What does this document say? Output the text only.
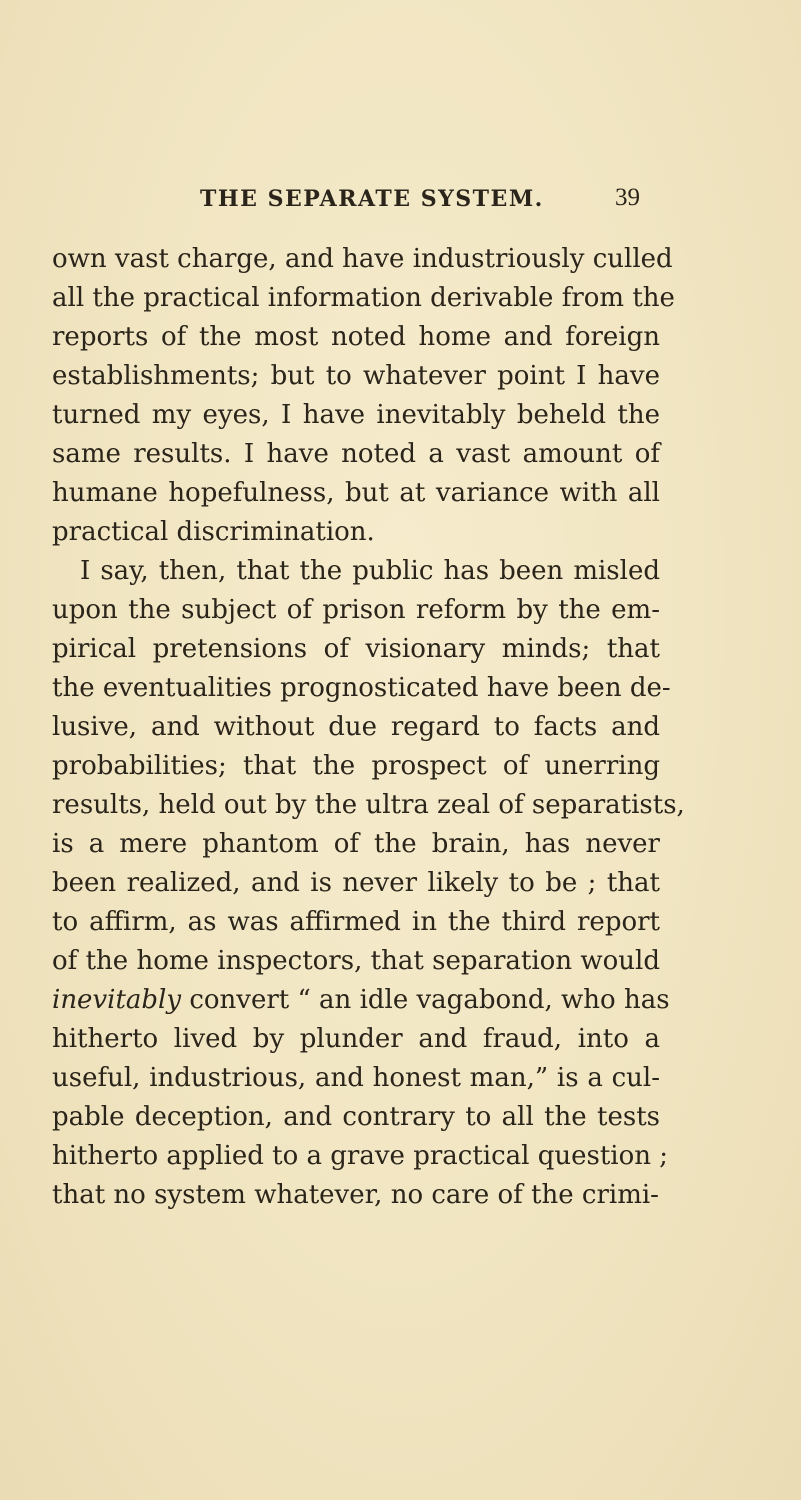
THE SEPARATE SYSTEM.	39
own vast charge, and have industriously culled
all the practical information derivable from the
reports of the most noted home and foreign
establishments; but to whatever point I have
turned my eyes, I have inevitably beheld the
same results. I have noted a vast amount of
humane hopefulness, but at variance with all
practical discrimination.
I say, then, that the public has been misled
upon the subject of prison reform by the em-
pirical pretensions of visionary minds; that
the eventualities prognosticated have been de-
lusive, and without due regard to facts and
probabilities; that the prospect of unerring
results, held out by the ultra zeal of separatists,
is a mere phantom of the brain, has never
been realized, and is never likely to be ; that
to affirm, as was affirmed in the third report
of the home inspectors, that separation would
inevitably convert “ an idle vagabond, who has
hitherto lived by plunder and fraud, into a
useful, industrious, and honest man,” is a cul-
pable deception, and contrary to all the tests
hitherto applied to a grave practical question ;
that no system whatever, no care of the crimi-
